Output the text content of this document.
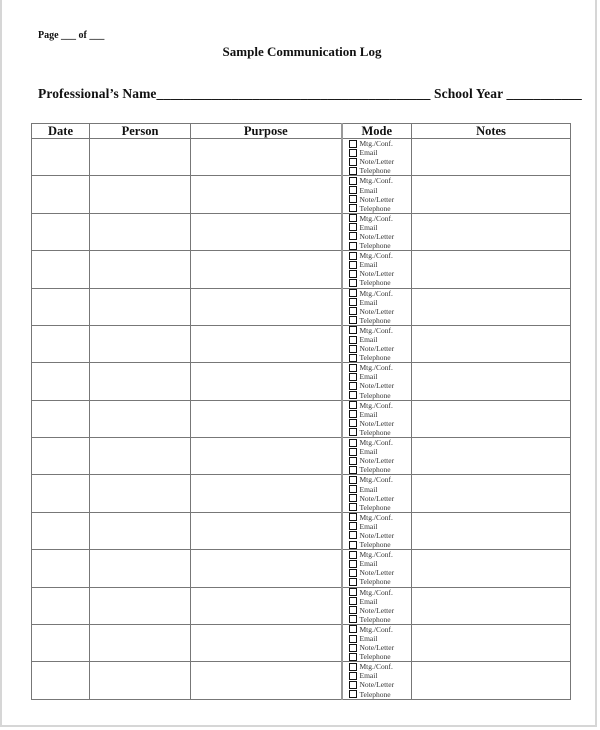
Page ___ of ___
Sample Communication Log
Professional’s Name________________________________________ School Year ___________
Date	Person	Purpose	Mode	Notes

			Mtg./Conf.
Email
Note/Letter
Telephone	

			Mtg./Conf.
Email
Note/Letter
Telephone	

			Mtg./Conf.
Email
Note/Letter
Telephone	

			Mtg./Conf.
Email
Note/Letter
Telephone	

			Mtg./Conf.
Email
Note/Letter
Telephone	

			Mtg./Conf.
Email
Note/Letter
Telephone	

			Mtg./Conf.
Email
Note/Letter
Telephone	

			Mtg./Conf.
Email
Note/Letter
Telephone	

			Mtg./Conf.
Email
Note/Letter
Telephone	

			Mtg./Conf.
Email
Note/Letter
Telephone	

			Mtg./Conf.
Email
Note/Letter
Telephone	

			Mtg./Conf.
Email
Note/Letter
Telephone	

			Mtg./Conf.
Email
Note/Letter
Telephone	

			Mtg./Conf.
Email
Note/Letter
Telephone	

			Mtg./Conf.
Email
Note/Letter
Telephone	
